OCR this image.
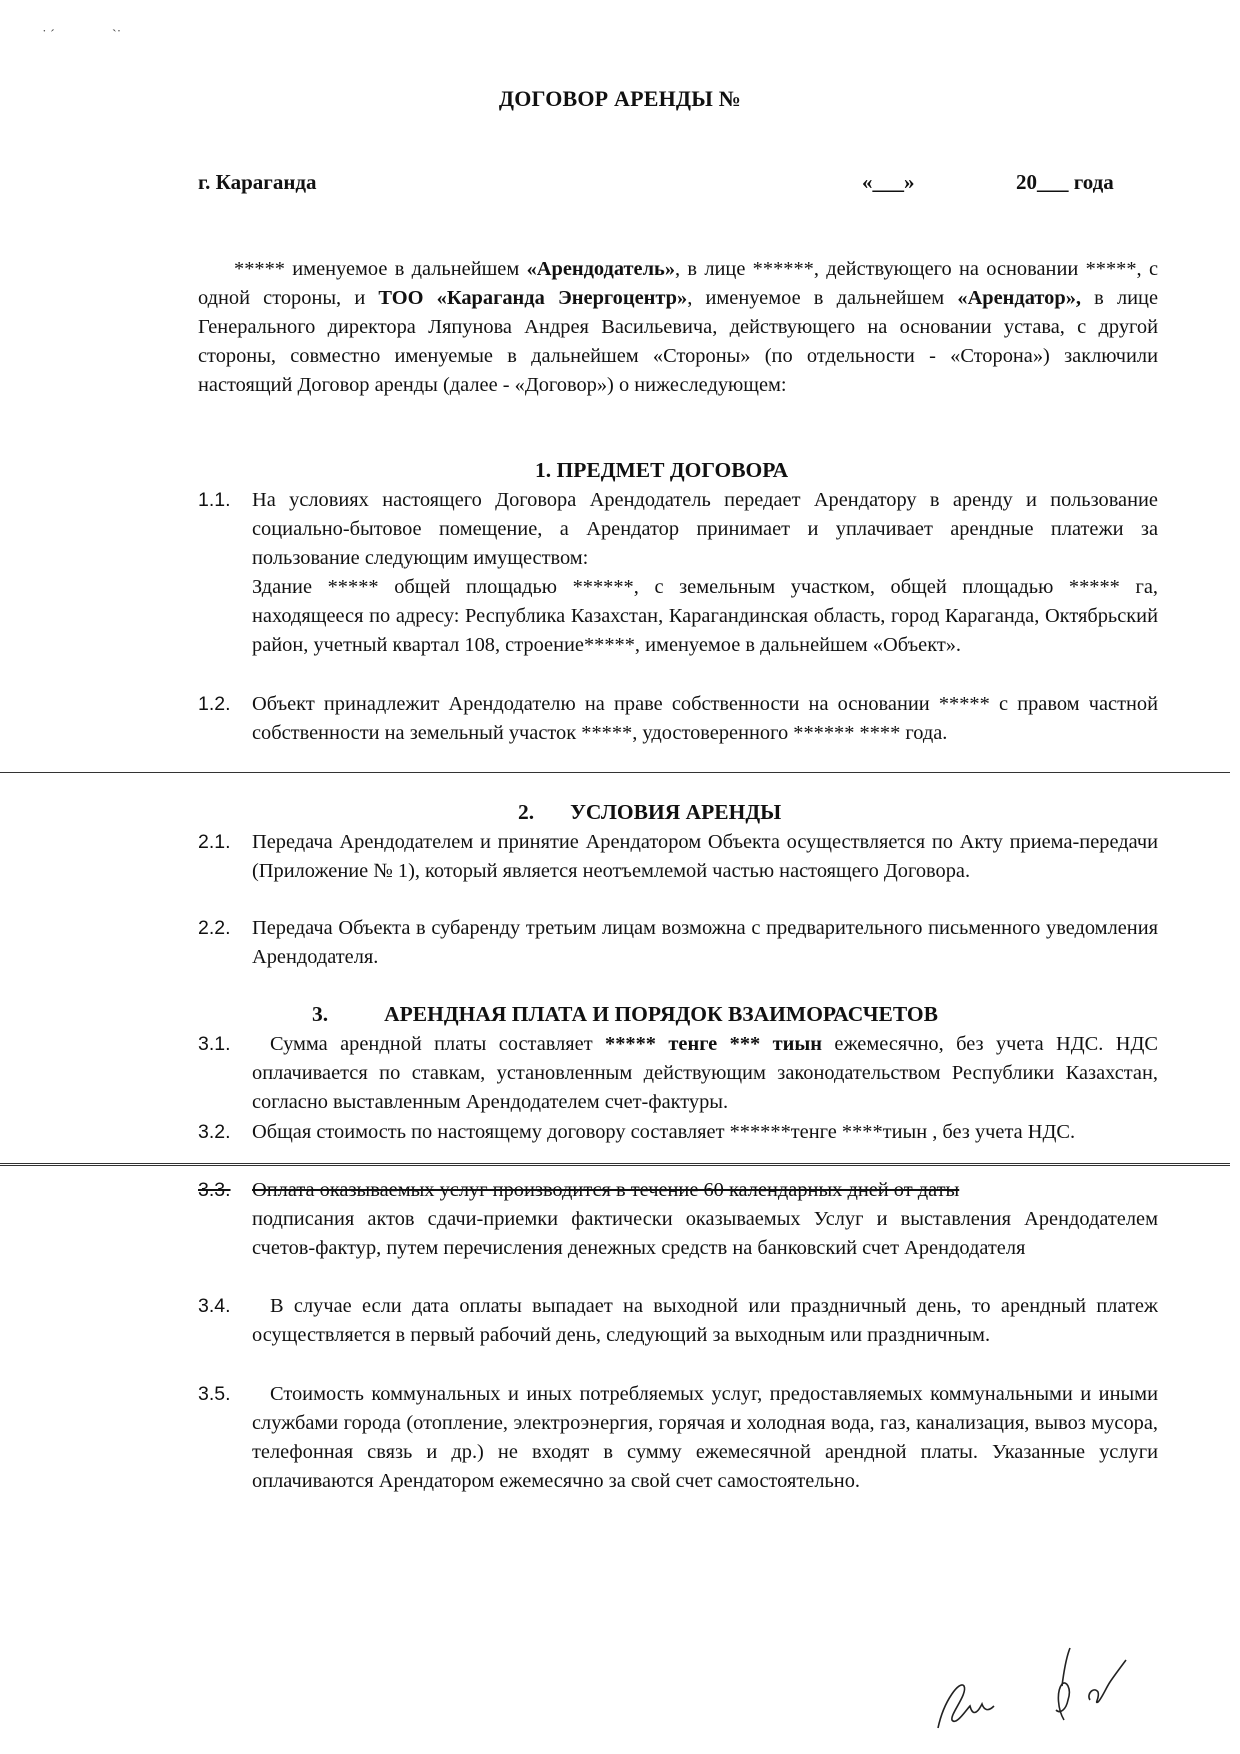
˙ ˊ	ˋ˙
ДОГОВОР АРЕНДЫ №
г. Караганда	«___»	20___ года
***** именуемое в дальнейшем «Арендодатель», в лице ******, действующего на основании *****, с одной стороны, и ТОО «Караганда Энергоцентр», именуемое в дальнейшем «Арендатор», в лице Генерального директора Ляпунова Андрея Васильевича, действующего на основании устава, с другой стороны, совместно именуемые в дальнейшем «Стороны» (по отдельности - «Сторона») заключили настоящий Договор аренды (далее - «Договор») о нижеследующем:
1. ПРЕДМЕТ ДОГОВОРА
1.1. На условиях настоящего Договора Арендодатель передает Арендатору в аренду и пользование социально-бытовое помещение, а Арендатор принимает и уплачивает арендные платежи за пользование следующим имуществом:

Здание ***** общей площадью ******, с земельным участком, общей площадью ***** га, находящееся по адресу: Республика Казахстан, Карагандинская область, город Караганда, Октябрьский район, учетный квартал 108, строение*****, именуемое в дальнейшем «Объект».

1.2. Объект принадлежит Арендодателю на праве собственности на основании ***** с правом частной собственности на земельный участок *****, удостоверенного ****** **** года.

2. УСЛОВИЯ АРЕНДЫ
2.1. Передача Арендодателем и принятие Арендатором Объекта осуществляется по Акту приема-передачи (Приложение № 1), который является неотъемлемой частью настоящего Договора.

2.2. Передача Объекта в субаренду третьим лицам возможна с предварительного письменного уведомления Арендодателя.

3.	АРЕНДНАЯ ПЛАТА И ПОРЯДОК ВЗАИМОРАСЧЕТОВ
3.1.	Сумма арендной платы составляет ***** тенге *** тиын ежемесячно, без учета НДС. НДС оплачивается по ставкам, установленным действующим законодательством Республики Казахстан, согласно выставленным Арендодателем счет-фактуры.

3.2. Общая стоимость по настоящему договору составляет ******тенге ****тиын , без учета НДС.

3.3. Оплата оказываемых услуг производится в течение 60 календарных дней от даты

подписания актов сдачи-приемки фактически оказываемых Услуг и выставления Арендодателем счетов-фактур, путем перечисления денежных средств на банковский счет Арендодателя

3.4.	В случае если дата оплаты выпадает на выходной или праздничный день, то арендный платеж осуществляется в первый рабочий день, следующий за выходным или праздничным.

3.5.	Стоимость коммунальных и иных потребляемых услуг, предоставляемых коммунальными и иными службами города (отопление, электроэнергия, горячая и холодная вода, газ, канализация, вывоз мусора, телефонная связь и др.) не входят в сумму ежемесячной арендной платы. Указанные услуги оплачиваются Арендатором ежемесячно за свой счет самостоятельно.
